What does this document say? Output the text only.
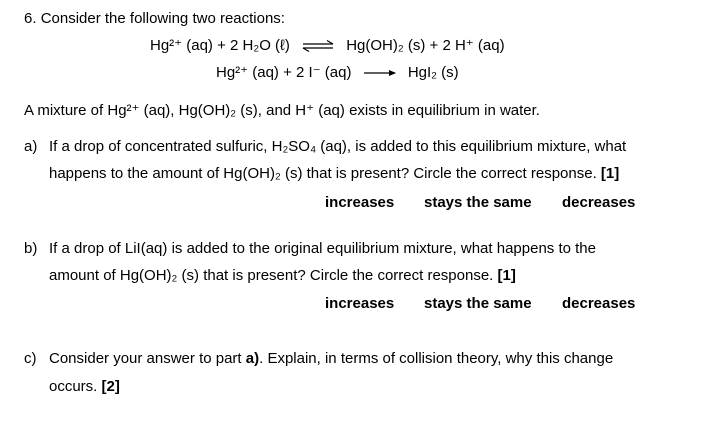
6. Consider the following two reactions:
Hg²⁺ (aq) + 2 H₂O (ℓ) ⇌ Hg(OH)₂ (s) + 2 H⁺ (aq)
Hg²⁺ (aq) + 2 I⁻ (aq)	HgI₂ (s)
A mixture of Hg²⁺ (aq), Hg(OH)₂ (s), and H⁺ (aq) exists in equilibrium in water.
a) If a drop of concentrated sulfuric, H₂SO₄ (aq), is added to this equilibrium mixture, what
happens to the amount of Hg(OH)₂ (s) that is present? Circle the correct response. [1]
increases stays the same decreases
b) If a drop of LiI(aq) is added to the original equilibrium mixture, what happens to the
amount of Hg(OH)₂ (s) that is present? Circle the correct response. [1]
increases stays the same decreases
c) Consider your answer to part a). Explain, in terms of collision theory, why this change
occurs. [2]
